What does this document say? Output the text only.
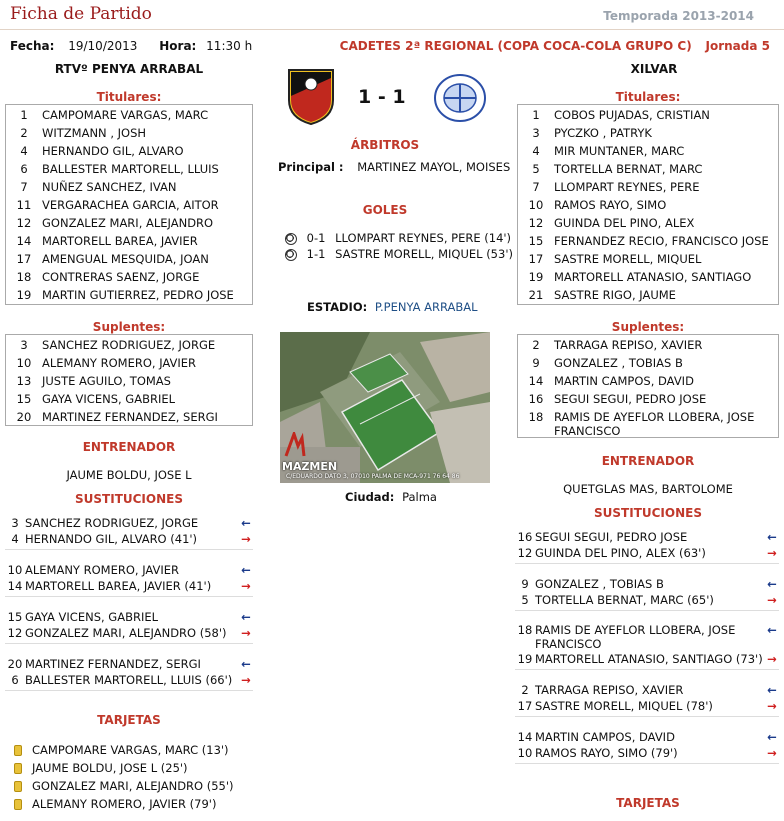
Ficha de Partido	Temporada 2013-2014
Fecha: 19/10/2013 Hora: 11:30 h	CADETES 2ª REGIONAL (COPA COCA-COLA GRUPO C) Jornada 5
RTVº PENYA ARRABAL	XILVAR
1 - 1
Titulares:
1	CAMPOMARE VARGAS, MARC
2	WITZMANN , JOSH
4	HERNANDO GIL, ALVARO
6	BALLESTER MARTORELL, LLUIS
7	NUÑEZ SANCHEZ, IVAN
11 VERGARACHEA GARCIA, AITOR
12 GONZALEZ MARI, ALEJANDRO
14 MARTORELL BAREA, JAVIER
17 AMENGUAL MESQUIDA, JOAN
18 CONTRERAS SAENZ, JORGE
19 MARTIN GUTIERREZ, PEDRO JOSE
Titulares:
1	COBOS PUJADAS, CRISTIAN
3	PYCZKO , PATRYK
4	MIR MUNTANER, MARC
5	TORTELLA BERNAT, MARC
7	LLOMPART REYNES, PERE
10 RAMOS RAYO, SIMO
12 GUINDA DEL PINO, ALEX
15 FERNANDEZ RECIO, FRANCISCO JOSE
17 SASTRE MORELL, MIQUEL
19 MARTORELL ATANASIO, SANTIAGO
21 SASTRE RIGO, JAUME
ÁRBITROS
Principal : MARTINEZ MAYOL, MOISES
GOLES
0-1 LLOMPART REYNES, PERE (14')
1-1 SASTRE MORELL, MIQUEL (53')
ESTADIO: P.PENYA ARRABAL
MAZMEN
C/EDUARDO DATO 3, 07010 PALMA DE MCA-971 76 64 86
Ciudad: Palma
Suplentes:
3	SANCHEZ RODRIGUEZ, JORGE
10 ALEMANY ROMERO, JAVIER
13 JUSTE AGUILO, TOMAS
15 GAYA VICENS, GABRIEL
20 MARTINEZ FERNANDEZ, SERGI
Suplentes:
2	TARRAGA REPISO, XAVIER
9	GONZALEZ , TOBIAS B
14 MARTIN CAMPOS, DAVID
16 SEGUI SEGUI, PEDRO JOSE
18 RAMIS DE AYEFLOR LLOBERA, JOSE FRANCISCO
ENTRENADOR
JAUME BOLDU, JOSE L
ENTRENADOR
QUETGLAS MAS, BARTOLOME
SUSTITUCIONES
3 SANCHEZ RODRIGUEZ, JORGE	←
4 HERNANDO GIL, ALVARO (41')	→
10 ALEMANY ROMERO, JAVIER	←
14 MARTORELL BAREA, JAVIER (41')	→
15 GAYA VICENS, GABRIEL	←
12 GONZALEZ MARI, ALEJANDRO (58')	→
20 MARTINEZ FERNANDEZ, SERGI	←
6 BALLESTER MARTORELL, LLUIS (66') →
SUSTITUCIONES
16 SEGUI SEGUI, PEDRO JOSE	←
12 GUINDA DEL PINO, ALEX (63')	→
9 GONZALEZ , TOBIAS B	←
5 TORTELLA BERNAT, MARC (65')	→
18 RAMIS DE AYEFLOR LLOBERA, JOSE FRANCISCO
←
19 MARTORELL ATANASIO, SANTIAGO (73') →
2 TARRAGA REPISO, XAVIER	←
17 SASTRE MORELL, MIQUEL (78')	→
14 MARTIN CAMPOS, DAVID	←
10 RAMOS RAYO, SIMO (79')	→
TARJETAS
CAMPOMARE VARGAS, MARC (13')
JAUME BOLDU, JOSE L (25')
GONZALEZ MARI, ALEJANDRO (55')
ALEMANY ROMERO, JAVIER (79')	TARJETAS
